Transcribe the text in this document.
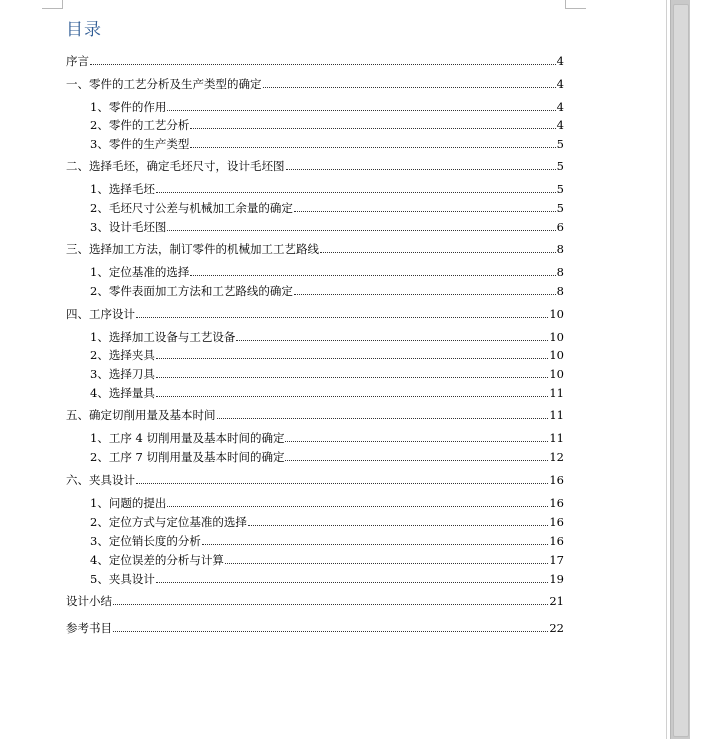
目录
序言	4
一、零件的工艺分析及生产类型的确定	4
1、零件的作用	4
2、零件的工艺分析	4
3、零件的生产类型	5
二、选择毛坯，确定毛坯尺寸，设计毛坯图	5
1、选择毛坯	5
2、毛坯尺寸公差与机械加工余量的确定	5
3、设计毛坯图	6
三、选择加工方法，制订零件的机械加工工艺路线	8
1、定位基准的选择	8
2、零件表面加工方法和工艺路线的确定	8
四、工序设计	10
1、选择加工设备与工艺设备	10
2、选择夹具	10
3、选择刀具	10
4、选择量具	11
五、确定切削用量及基本时间	11
1、工序 4 切削用量及基本时间的确定	11
2、工序 7 切削用量及基本时间的确定	12
六、夹具设计	16
1、问题的提出	16
2、定位方式与定位基准的选择	16
3、定位销长度的分析	16
4、定位误差的分析与计算	17
5、夹具设计	19
设计小结	21
参考书目	22
